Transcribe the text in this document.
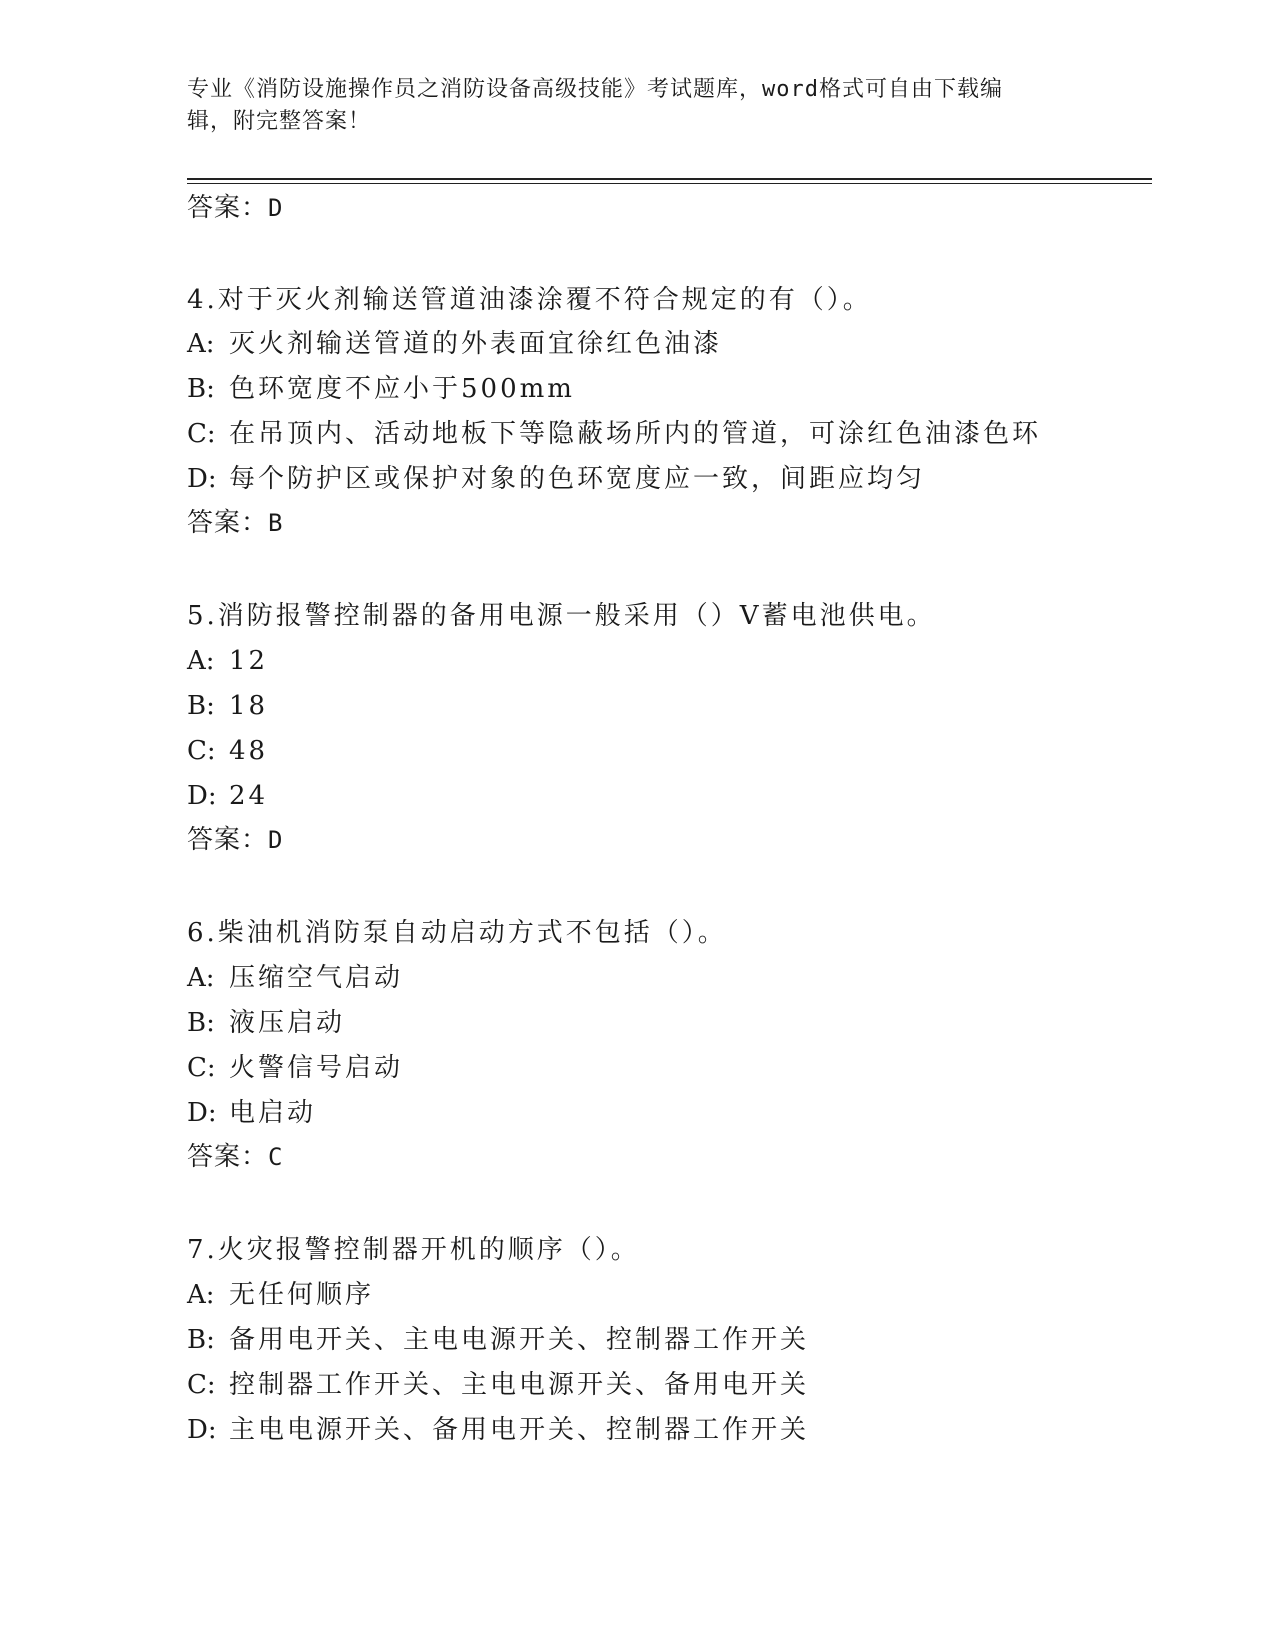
专业《消防设施操作员之消防设备高级技能》考试题库，word格式可自由下载编
辑，附完整答案！
答案：D
4.对于灭火剂输送管道油漆涂覆不符合规定的有（）。
A: 灭火剂输送管道的外表面宜徐红色油漆
B: 色环宽度不应小于500mm
C: 在吊顶内、活动地板下等隐蔽场所内的管道，可涂红色油漆色环
D: 每个防护区或保护对象的色环宽度应一致，间距应均匀
答案：B
5.消防报警控制器的备用电源一般采用（）V蓄电池供电。
A: 12
B: 18
C: 48
D: 24
答案：D
6.柴油机消防泵自动启动方式不包括（）。
A: 压缩空气启动
B: 液压启动
C: 火警信号启动
D: 电启动
答案：C
7.火灾报警控制器开机的顺序（）。
A: 无任何顺序
B: 备用电开关、主电电源开关、控制器工作开关
C: 控制器工作开关、主电电源开关、备用电开关
D: 主电电源开关、备用电开关、控制器工作开关
